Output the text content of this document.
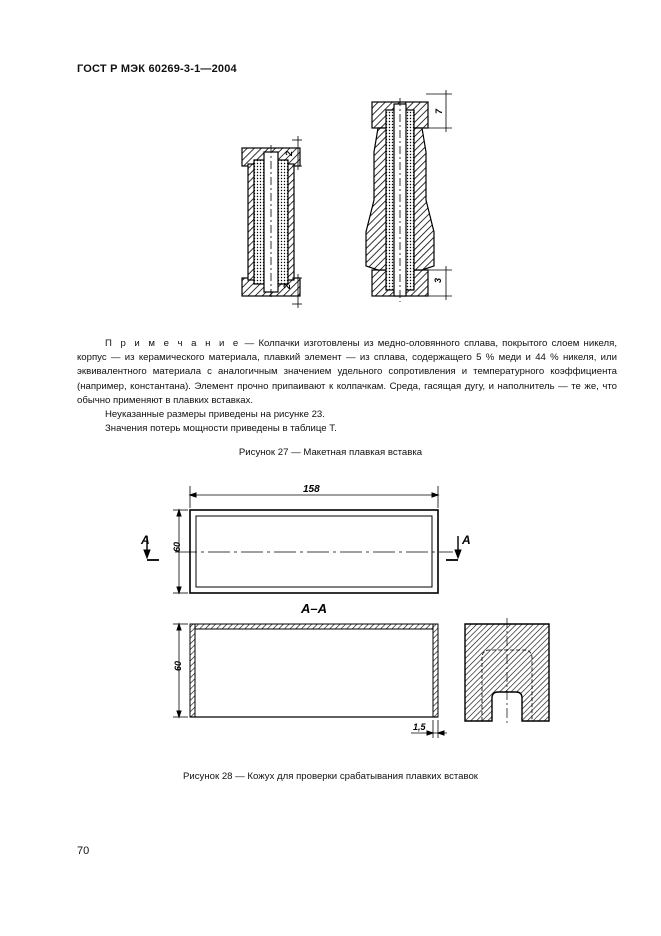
ГОСТ Р МЭК 60269-3-1—2004
2
2
7
3

П р и м е ч а н и е — Колпачки изготовлены из медно-оловянного сплава, покрытого слоем никеля, корпус — из керамического материала, плавкий элемент — из сплава, содержащего 5 % меди и 44 % никеля, или эквивалентного материала с аналогичным значением удельного сопротивления и температурного коэффициента (например, константана). Элемент прочно припаивают к колпачкам. Среда, гасящая дугу, и наполнитель — те же, что обычно применяют в плавких вставках.

Неуказанные размеры приведены на рисунке 23.

Значения потерь мощности приведены в таблице Т.

Рисунок 27 — Макетная плавкая вставка
158
60
A	A
А–А
60
1,5
Рисунок 28 — Кожух для проверки срабатывания плавких вставок
70
